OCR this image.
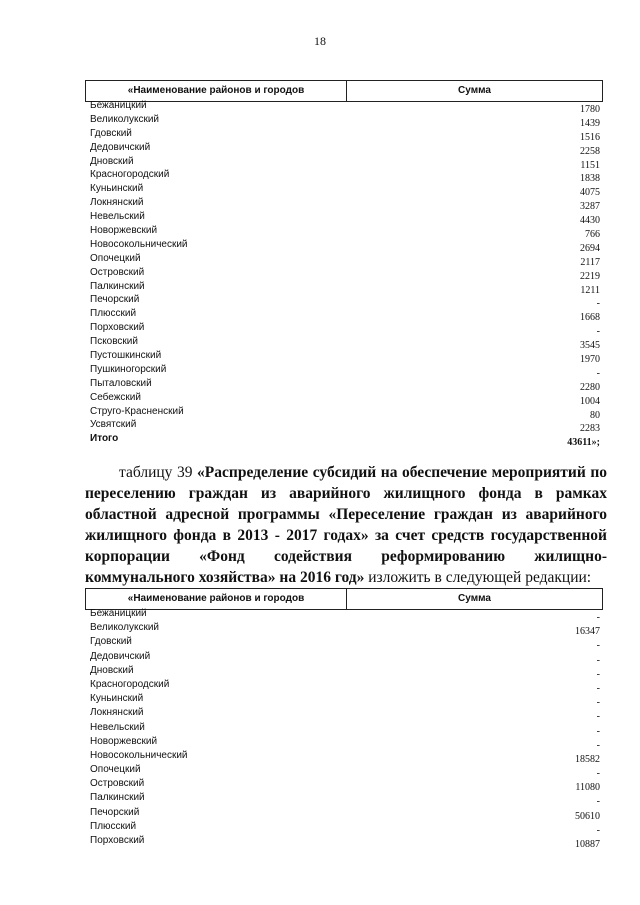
18
«Наименование районов и городов	Сумма
Бежаницкий	1780
Великолукский	1439
Гдовский	1516
Дедовичский	2258
Дновский	1151
Красногородский	1838
Куньинский	4075
Локнянский	3287
Невельский	4430
Новоржевский	766
Новосокольнический	2694
Опочецкий	2117
Островский	2219
Палкинский	1211
Печорский	-
Плюсский	1668
Порховский	-
Псковский	3545
Пустошкинский	1970
Пушкиногорский	-
Пыталовский	2280
Себежский	1004
Струго-Красненский	80
Усвятский	2283
Итого	43611»;
таблицу 39 «Распределение субсидий на обеспечение мероприятий по переселению граждан из аварийного жилищного фонда в рамках областной адресной программы «Переселение граждан из аварийного жилищного фонда в 2013 - 2017 годах» за счет средств государственной корпорации «Фонд содействия реформированию жилищно-коммунального хозяйства» на 2016 год» изложить в следующей редакции:
«Наименование районов и городов	Сумма
Бежаницкий	-
Великолукский	16347
Гдовский	-
Дедовичский	-
Дновский	-
Красногородский	-
Куньинский	-
Локнянский	-
Невельский	-
Новоржевский	-
Новосокольнический	18582
Опочецкий	-
Островский	11080
Палкинский	-
Печорский	50610
Плюсский	-
Порховский	10887
